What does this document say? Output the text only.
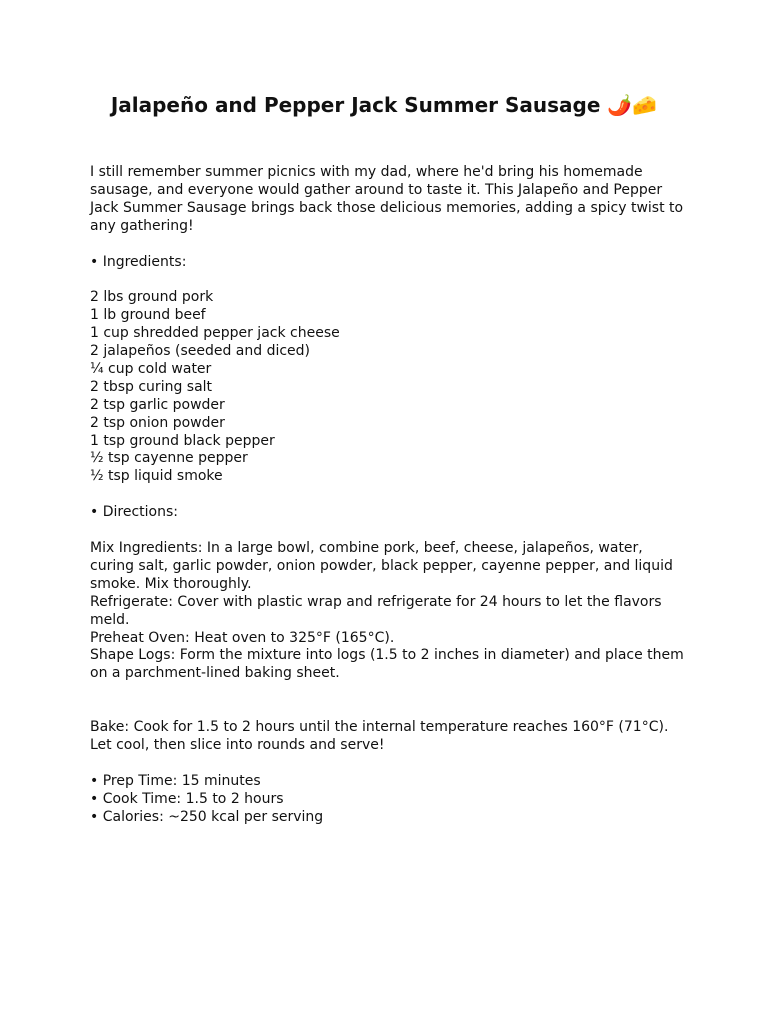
Jalapeño and Pepper Jack Summer Sausage 🌶️🧀

I still remember summer picnics with my dad, where he'd bring his homemade sausage, and everyone would gather around to taste it. This Jalapeño and Pepper Jack Summer Sausage brings back those delicious memories, adding a spicy twist to any gathering!

• Ingredients:

2 lbs ground pork
1 lb ground beef
1 cup shredded pepper jack cheese
2 jalapeños (seeded and diced)
¼ cup cold water
2 tbsp curing salt
2 tsp garlic powder
2 tsp onion powder
1 tsp ground black pepper
½ tsp cayenne pepper
½ tsp liquid smoke

• Directions:

Mix Ingredients: In a large bowl, combine pork, beef, cheese, jalapeños, water, curing salt, garlic powder, onion powder, black pepper, cayenne pepper, and liquid smoke. Mix thoroughly.

Refrigerate: Cover with plastic wrap and refrigerate for 24 hours to let the flavors meld.

Preheat Oven: Heat oven to 325°F (165°C).

Shape Logs: Form the mixture into logs (1.5 to 2 inches in diameter) and place them on a parchment-lined baking sheet.

Bake: Cook for 1.5 to 2 hours until the internal temperature reaches 160°F (71°C). Let cool, then slice into rounds and serve!

• Prep Time: 15 minutes
• Cook Time: 1.5 to 2 hours
• Calories: ~250 kcal per serving
